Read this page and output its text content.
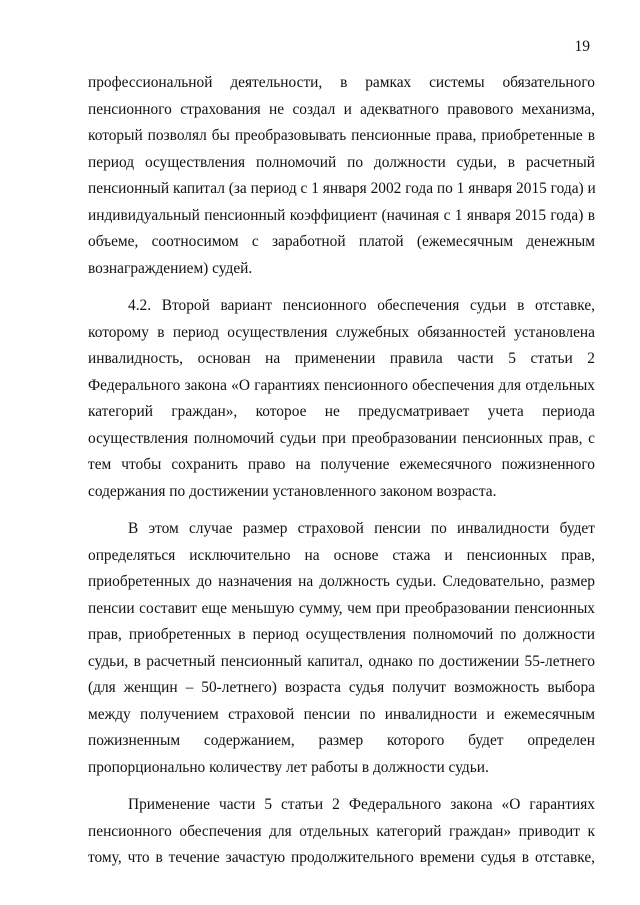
19
профессиональной деятельности, в рамках системы обязательного
пенсионного страхования не создал и адекватного правового механизма,
который позволял бы преобразовывать пенсионные права, приобретенные в
период осуществления полномочий по должности судьи, в расчетный
пенсионный капитал (за период с 1 января 2002 года по 1 января 2015 года) и
индивидуальный пенсионный коэффициент (начиная с 1 января 2015 года) в
объеме, соотносимом с заработной платой (ежемесячным денежным
вознаграждением) судей.
4.2. Второй вариант пенсионного обеспечения судьи в отставке,
которому в период осуществления служебных обязанностей установлена
инвалидность, основан на применении правила части 5 статьи 2
Федерального закона «О гарантиях пенсионного обеспечения для отдельных
категорий граждан», которое не предусматривает учета периода
осуществления полномочий судьи при преобразовании пенсионных прав, с
тем чтобы сохранить право на получение ежемесячного пожизненного
содержания по достижении установленного законом возраста.
В этом случае размер страховой пенсии по инвалидности будет
определяться исключительно на основе стажа и пенсионных прав,
приобретенных до назначения на должность судьи. Следовательно, размер
пенсии составит еще меньшую сумму, чем при преобразовании пенсионных
прав, приобретенных в период осуществления полномочий по должности
судьи, в расчетный пенсионный капитал, однако по достижении 55-летнего
(для женщин – 50-летнего) возраста судья получит возможность выбора
между получением страховой пенсии по инвалидности и ежемесячным
пожизненным содержанием, размер которого будет определен
пропорционально количеству лет работы в должности судьи.
Применение части 5 статьи 2 Федерального закона «О гарантиях
пенсионного обеспечения для отдельных категорий граждан» приводит к
тому, что в течение зачастую продолжительного времени судья в отставке,
